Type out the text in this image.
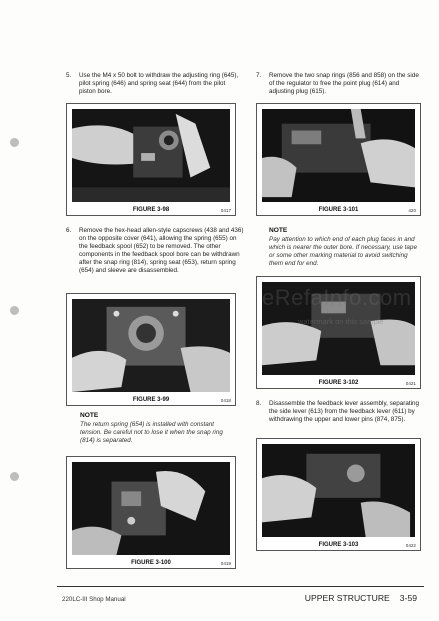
5. Use the M4 x 50 bolt to withdraw the adjusting ring (645), pilot spring (646) and spring seat (644) from the pilot piston bore.
FIGURE 3-98	0417
6. Remove the hex-head allen-style capscrews (438 and 436) on the opposite cover (641), allowing the spring (655) on the feedback spool (652) to be removed. The other components in the feedback spool bore can be withdrawn after the snap ring (814), spring seat (653), return spring (654) and sleeve are disassembled.
FIGURE 3-99	0418
NOTE
The return spring (654) is installed with constant tension. Be careful not to lose it when the snap ring (814) is separated.
FIGURE 3-100	0419
7. Remove the two snap rings (856 and 858) on the side of the regulator to free the point plug (614) and adjusting plug (615).
FIGURE 3-101	420
NOTE
Pay attention to which end of each plug faces in and which is nearer the outer bore. If necessary, use tape or some other marking material to avoid switching them end for end.
FIGURE 3-102	0421
8. Disassemble the feedback lever assembly, separating the side lever (613) from the feedback lever (611) by withdrawing the upper and lower pins (874, 875).
FIGURE 3-103	0422
eRefaInfo.com
watermark on this sample
220LC-III Shop Manual	UPPER STRUCTURE 3-59
